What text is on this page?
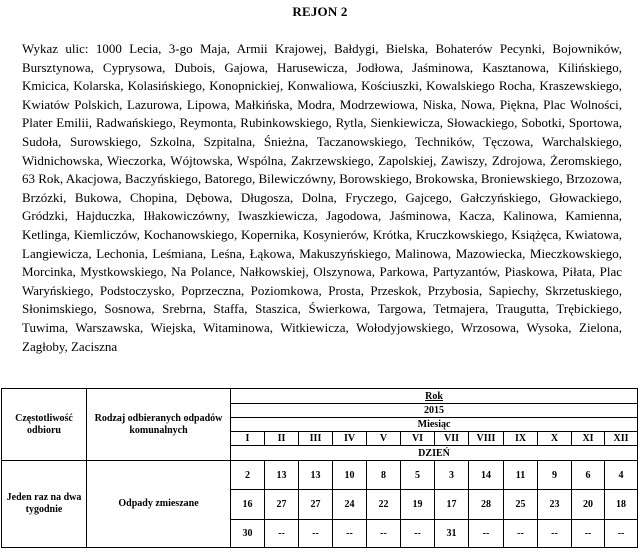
REJON 2
Wykaz ulic: 1000 Lecia, 3-go Maja, Armii Krajowej, Bałdygi, Bielska, Bohaterów Pecynki, Bojowników, Bursztynowa, Cyprysowa, Dubois, Gajowa, Harusewicza, Jodłowa, Jaśminowa, Kasztanowa, Kilińskiego, Kmicica, Kolarska, Kolasińskiego, Konopnickiej, Konwaliowa, Kościuszki, Kowalskiego Rocha, Kraszewskiego, Kwiatów Polskich, Lazurowa, Lipowa, Małkińska, Modra, Modrzewiowa, Niska, Nowa, Piękna, Plac Wolności, Plater Emilii, Radwańskiego, Reymonta, Rubinkowskiego, Rytla, Sienkiewicza, Słowackiego, Sobotki, Sportowa, Sudoła, Surowskiego, Szkolna, Szpitalna, Śnieżna, Taczanowskiego, Techników, Tęczowa, Warchalskiego, Widnichowska, Wieczorka, Wójtowska, Wspólna, Zakrzewskiego, Zapolskiej, Zawiszy, Zdrojowa, Żeromskiego, 63 Rok, Akacjowa, Baczyńskiego, Batorego, Bilewiczówny, Borowskiego, Brokowska, Broniewskiego, Brzozowa, Brzózki, Bukowa, Chopina, Dębowa, Długosza, Dolna, Fryczego, Gajcego, Gałczyńskiego, Głowackiego, Gródzki, Hajduczka, Iłłakowiczówny, Iwaszkiewicza, Jagodowa, Jaśminowa, Kacza, Kalinowa, Kamienna, Ketlinga, Kiemliczów, Kochanowskiego, Kopernika, Kosynierów, Krótka, Kruczkowskiego, Książęca, Kwiatowa, Langiewicza, Lechonia, Leśmiana, Leśna, Łąkowa, Makuszyńskiego, Malinowa, Mazowiecka, Mieczkowskiego, Morcinka, Mystkowskiego, Na Polance, Nałkowskiej, Olszynowa, Parkowa, Partyzantów, Piaskowa, Piłata, Plac Waryńskiego, Podstoczysko, Poprzeczna, Poziomkowa, Prosta, Przeskok, Przybosia, Sapiechy, Skrzetuskiego, Słonimskiego, Sosnowa, Srebrna, Staffa, Staszica, Świerkowa, Targowa, Tetmajera, Traugutta, Trębickiego, Tuwima, Warszawska, Wiejska, Witaminowa, Witkiewicza, Wołodyjowskiego, Wrzosowa, Wysoka, Zielona, Zagłoby, Zaciszna
Częstotliwość odbioru	Rodzaj odbieranych odpadów komunalnych	Rok											
		2015											
		Miesiąc											
		I	II	III	IV	V	VI	VII	VIII	IX	X	XI	XII
		DZIEŃ											
Jeden raz na dwa tygodnie	Odpady zmieszane	2	13	13	10	8	5	3	14	11	9	6	4
		16	27	27	24	22	19	17	28	25	23	20	18
		30	--	--	--	--	--	31	--	--	--	--	--
